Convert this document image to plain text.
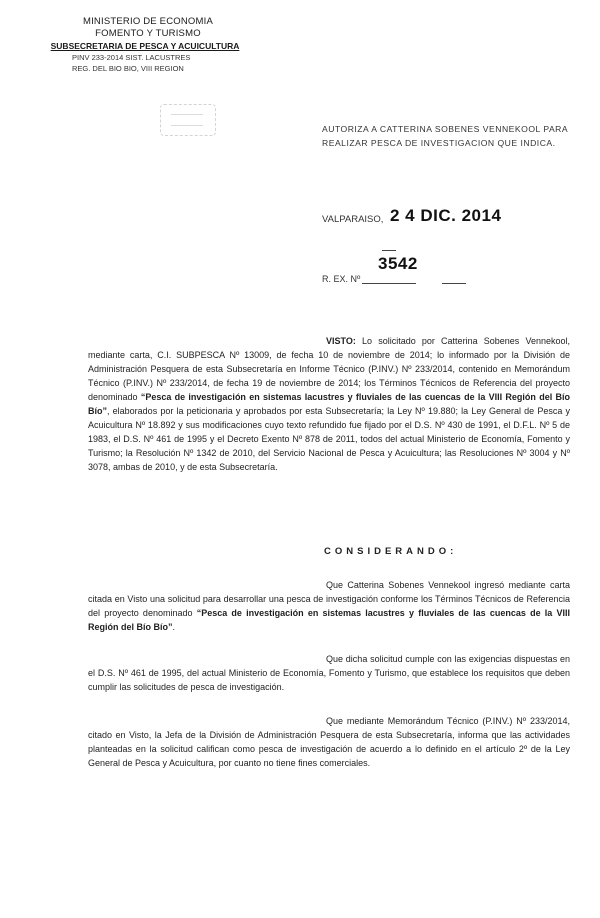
MINISTERIO DE ECONOMIA
FOMENTO Y TURISMO
SUBSECRETARIA DE PESCA Y ACUICULTURA
PINV 233-2014 SIST. LACUSTRES
REG. DEL BIO BIO, VIII REGION
AUTORIZA A CATTERINA SOBENES VENNEKOOL PARA REALIZAR PESCA DE INVESTIGACION QUE INDICA.
VALPARAISO, 2 4 DIC. 2014
3542
R. EX. Nº
VISTO: Lo solicitado por Catterina Sobenes Vennekool, mediante carta, C.I. SUBPESCA Nº 13009, de fecha 10 de noviembre de 2014; lo informado por la División de Administración Pesquera de esta Subsecretaría en Informe Técnico (P.INV.) Nº 233/2014, contenido en Memorándum Técnico (P.INV.) Nº 233/2014, de fecha 19 de noviembre de 2014; los Términos Técnicos de Referencia del proyecto denominado “Pesca de investigación en sistemas lacustres y fluviales de las cuencas de la VIII Región del Bío Bío”, elaborados por la peticionaria y aprobados por esta Subsecretaría; la Ley Nº 19.880; la Ley General de Pesca y Acuicultura Nº 18.892 y sus modificaciones cuyo texto refundido fue fijado por el D.S. Nº 430 de 1991, el D.F.L. Nº 5 de 1983, el D.S. Nº 461 de 1995 y el Decreto Exento Nº 878 de 2011, todos del actual Ministerio de Economía, Fomento y Turismo; la Resolución Nº 1342 de 2010, del Servicio Nacional de Pesca y Acuicultura; las Resoluciones Nº 3004 y Nº 3078, ambas de 2010, y de esta Subsecretaría.
CONSIDERANDO:
Que Catterina Sobenes Vennekool ingresó mediante carta citada en Visto una solicitud para desarrollar una pesca de investigación conforme los Términos Técnicos de Referencia del proyecto denominado “Pesca de investigación en sistemas lacustres y fluviales de las cuencas de la VIII Región del Bío Bío”.
Que dicha solicitud cumple con las exigencias dispuestas en el D.S. Nº 461 de 1995, del actual Ministerio de Economía, Fomento y Turismo, que establece los requisitos que deben cumplir las solicitudes de pesca de investigación.
Que mediante Memorándum Técnico (P.INV.) Nº 233/2014, citado en Visto, la Jefa de la División de Administración Pesquera de esta Subsecretaría, informa que las actividades planteadas en la solicitud califican como pesca de investigación de acuerdo a lo definido en el artículo 2º de la Ley General de Pesca y Acuicultura, por cuanto no tiene fines comerciales.
